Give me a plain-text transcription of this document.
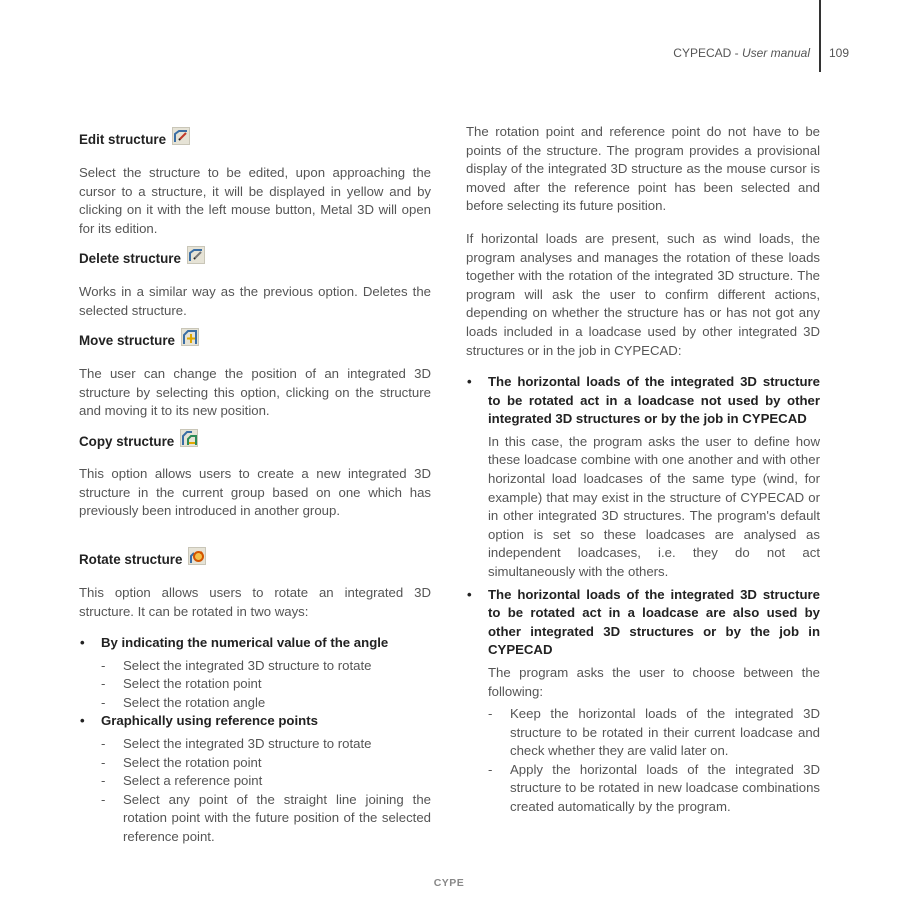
CYPECAD - User manual 109
Edit structure

Select the structure to be edited, upon approaching the cursor to a structure, it will be displayed in yellow and by clicking on it with the left mouse button, Metal 3D will open for its edition.

Delete structure

Works in a similar way as the previous option. Deletes the selected structure.

Move structure

The user can change the position of an integrated 3D structure by selecting this option, clicking on the structure and moving it to its new position.

Copy structure

This option allows users to create a new integrated 3D structure in the current group based on one which has previously been introduced in another group.

Rotate structure

This option allows users to rotate an integrated 3D structure. It can be rotated in two ways:

• By indicating the numerical value of the angle
- Select the integrated 3D structure to rotate
- Select the rotation point
- Select the rotation angle
• Graphically using reference points
- Select the integrated 3D structure to rotate
- Select the rotation point
- Select a reference point
- Select any point of the straight line joining the rotation point with the future position of the selected reference point.

The rotation point and reference point do not have to be points of the structure. The program provides a provisional display of the integrated 3D structure as the mouse cursor is moved after the reference point has been selected and before selecting its future position.

If horizontal loads are present, such as wind loads, the program analyses and manages the rotation of these loads together with the rotation of the integrated 3D structure. The program will ask the user to confirm different actions, depending on whether the structure has or has not got any loads included in a loadcase used by other integrated 3D structures or in the job in CYPECAD:

• The horizontal loads of the integrated 3D structure to be rotated act in a loadcase not used by other integrated 3D structures or by the job in CYPECAD
In this case, the program asks the user to define how these loadcase combine with one another and with other horizontal load loadcases of the same type (wind, for example) that may exist in the structure of CYPECAD or in other integrated 3D structures. The program's default option is set so these loadcases are analysed as independent loadcases, i.e. they do not act simultaneously with the others.
• The horizontal loads of the integrated 3D structure to be rotated act in a loadcase are also used by other integrated 3D structures or by the job in CYPECAD
The program asks the user to choose between the following:
- Keep the horizontal loads of the integrated 3D structure to be rotated in their current loadcase and check whether they are valid later on.
- Apply the horizontal loads of the integrated 3D structure to be rotated in new loadcase combinations created automatically by the program.
CYPE
